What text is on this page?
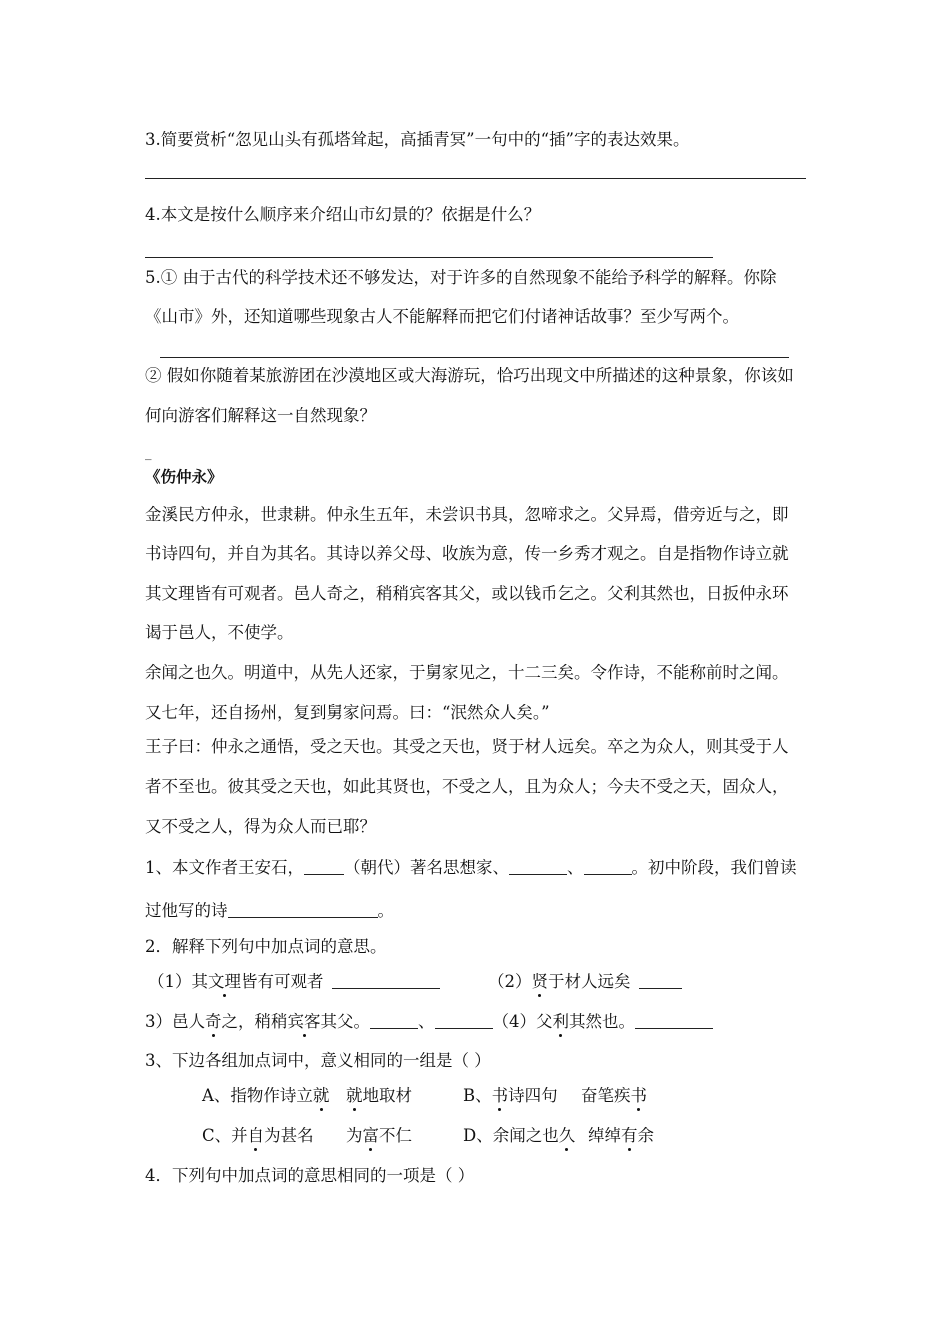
3.简要赏析“忽见山头有孤塔耸起，高插青冥”一句中的“插”字的表达效果。
4.本文是按什么顺序来介绍山市幻景的？依据是什么？
5.① 由于古代的科学技术还不够发达，对于许多的自然现象不能给予科学的解释。你除
《山市》外，还知道哪些现象古人不能解释而把它们付诸神话故事？至少写两个。
② 假如你随着某旅游团在沙漠地区或大海游玩，恰巧出现文中所描述的这种景象，你该如
何向游客们解释这一自然现象？
_
《伤仲永》
金溪民方仲永，世隶耕。仲永生五年，未尝识书具，忽啼求之。父异焉，借旁近与之，即
书诗四句，并自为其名。其诗以养父母、收族为意，传一乡秀才观之。自是指物作诗立就
其文理皆有可观者。邑人奇之，稍稍宾客其父，或以钱币乞之。父利其然也，日扳仲永环
谒于邑人，不使学。
余闻之也久。明道中，从先人还家，于舅家见之，十二三矣。令作诗，不能称前时之闻。
又七年，还自扬州，复到舅家问焉。曰：“泯然众人矣。”
王子曰：仲永之通悟，受之天也。其受之天也，贤于材人远矣。卒之为众人，则其受于人
者不至也。彼其受之天也，如此其贤也，不受之人，且为众人；今夫不受之天，固众人，
又不受之人，得为众人而已耶？
1、本文作者王安石， （朝代）著名思想家、	、	。初中阶段，我们曾读
过他写的诗	。
2．解释下列句中加点词的意思。
（1）其文理皆有可观者	（2）贤于材人远矣
3）邑人奇之，稍稍宾客其父。	、	（4）父利其然也。
3、下边各组加点词中，意义相同的一组是（ ）
A、指物作诗立就 就地取材	B、书诗四句 奋笔疾书
C、并自为甚名 为富不仁	D、余闻之也久 绰绰有余
4．下列句中加点词的意思相同的一项是（ ）
